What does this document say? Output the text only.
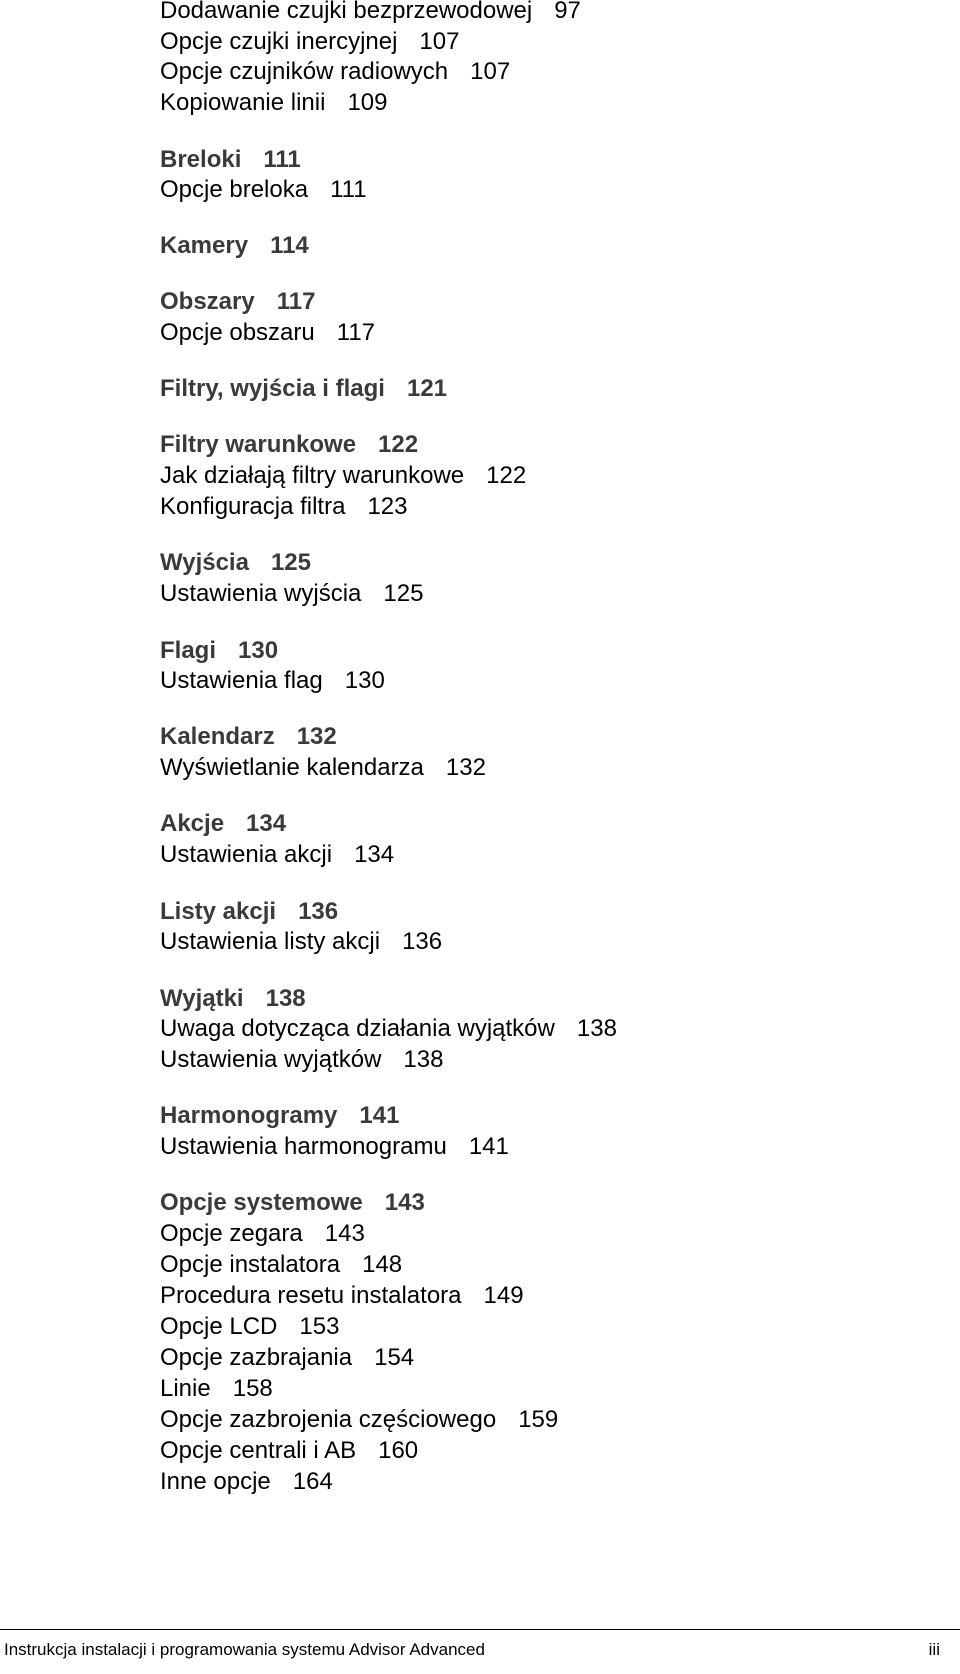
Dodawanie czujki bezprzewodowej 97
Opcje czujki inercyjnej 107
Opcje czujników radiowych 107
Kopiowanie linii 109
Breloki 111
Opcje breloka 111
Kamery 114
Obszary 117
Opcje obszaru 117
Filtry, wyjścia i flagi 121
Filtry warunkowe 122
Jak działają filtry warunkowe 122
Konfiguracja filtra 123
Wyjścia 125
Ustawienia wyjścia 125
Flagi 130
Ustawienia flag 130
Kalendarz 132
Wyświetlanie kalendarza 132
Akcje 134
Ustawienia akcji 134
Listy akcji 136
Ustawienia listy akcji 136
Wyjątki 138
Uwaga dotycząca działania wyjątków 138
Ustawienia wyjątków 138
Harmonogramy 141
Ustawienia harmonogramu 141
Opcje systemowe 143
Opcje zegara 143
Opcje instalatora 148
Procedura resetu instalatora 149
Opcje LCD 153
Opcje zazbrajania 154
Linie 158
Opcje zazbrojenia częściowego 159
Opcje centrali i AB 160
Inne opcje 164
Instrukcja instalacji i programowania systemu Advisor Advanced	iii
